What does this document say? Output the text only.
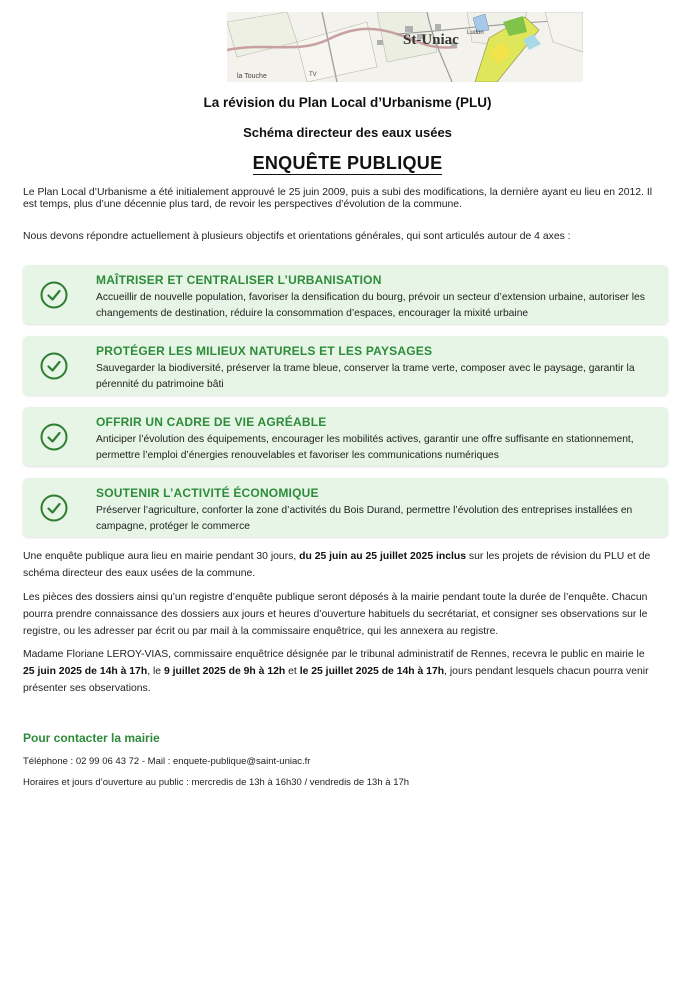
St-Uniac
la Touche
Ludon
TV
La révision du Plan Local d’Urbanisme (PLU)
Schéma directeur des eaux usées
ENQUÊTE PUBLIQUE
Le Plan Local d’Urbanisme a été initialement approuvé le 25 juin 2009, puis a subi des modifications, la dernière ayant eu lieu en 2012. Il est temps, plus d’une décennie plus tard, de revoir les perspectives d’évolution de la commune.
Nous devons répondre actuellement à plusieurs objectifs et orientations générales, qui sont articulés autour de 4 axes :
MAÎTRISER ET CENTRALISER L’URBANISATION
Accueillir de nouvelle population, favoriser la densification du bourg, prévoir un secteur d’extension urbaine, autoriser les changements de destination, réduire la consommation d’espaces, encourager la mixité urbaine
PROTÉGER LES MILIEUX NATURELS ET LES PAYSAGES
Sauvegarder la biodiversité, préserver la trame bleue, conserver la trame verte, composer avec le paysage, garantir la pérennité du patrimoine bâti
OFFRIR UN CADRE DE VIE AGRÉABLE
Anticiper l’évolution des équipements, encourager les mobilités actives, garantir une offre suffisante en stationnement, permettre l’emploi d’énergies renouvelables et favoriser les communications numériques
SOUTENIR L’ACTIVITÉ ÉCONOMIQUE
Préserver l’agriculture, conforter la zone d’activités du Bois Durand, permettre l’évolution des entreprises installées en campagne, protéger le commerce
Une enquête publique aura lieu en mairie pendant 30 jours, du 25 juin au 25 juillet 2025 inclus sur les projets de révision du PLU et de schéma directeur des eaux usées de la commune.
Les pièces des dossiers ainsi qu’un registre d’enquête publique seront déposés à la mairie pendant toute la durée de l’enquête. Chacun pourra prendre connaissance des dossiers aux jours et heures d’ouverture habituels du secrétariat, et consigner ses observations sur le registre, ou les adresser par écrit ou par mail à la commissaire enquêtrice, qui les annexera au registre.
Madame Floriane LEROY-VIAS, commissaire enquêtrice désignée par le tribunal administratif de Rennes, recevra le public en mairie le 25 juin 2025 de 14h à 17h, le 9 juillet 2025 de 9h à 12h et le 25 juillet 2025 de 14h à 17h, jours pendant lesquels chacun pourra venir présenter ses observations.
Pour contacter la mairie
Téléphone : 02 99 06 43 72 - Mail : enquete-publique@saint-uniac.fr
Horaires et jours d’ouverture au public : mercredis de 13h à 16h30 / vendredis de 13h à 17h
